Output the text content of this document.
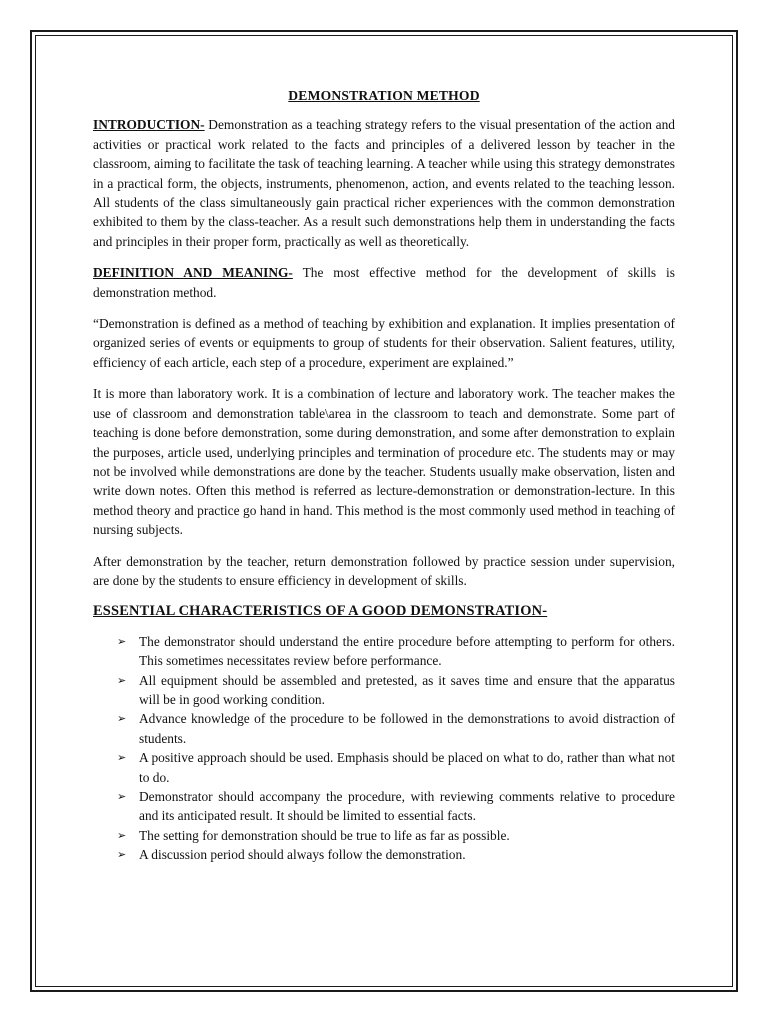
DEMONSTRATION METHOD

INTRODUCTION- Demonstration as a teaching strategy refers to the visual presentation of the action and activities or practical work related to the facts and principles of a delivered lesson by teacher in the classroom, aiming to facilitate the task of teaching learning. A teacher while using this strategy demonstrates in a practical form, the objects, instruments, phenomenon, action, and events related to the teaching lesson. All students of the class simultaneously gain practical richer experiences with the common demonstration exhibited to them by the class-teacher. As a result such demonstrations help them in understanding the facts and principles in their proper form, practically as well as theoretically.

DEFINITION AND MEANING- The most effective method for the development of skills is demonstration method.

“Demonstration is defined as a method of teaching by exhibition and explanation. It implies presentation of organized series of events or equipments to group of students for their observation. Salient features, utility, efficiency of each article, each step of a procedure, experiment are explained.”

It is more than laboratory work. It is a combination of lecture and laboratory work. The teacher makes the use of classroom and demonstration table\area in the classroom to teach and demonstrate. Some part of teaching is done before demonstration, some during demonstration, and some after demonstration to explain the purposes, article used, underlying principles and termination of procedure etc. The students may or may not be involved while demonstrations are done by the teacher. Students usually make observation, listen and write down notes. Often this method is referred as lecture-demonstration or demonstration-lecture. In this method theory and practice go hand in hand. This method is the most commonly used method in teaching of nursing subjects.

After demonstration by the teacher, return demonstration followed by practice session under supervision, are done by the students to ensure efficiency in development of skills.

ESSENTIAL CHARACTERISTICS OF A GOOD DEMONSTRATION-
➢ The demonstrator should understand the entire procedure before attempting to perform for others. This sometimes necessitates review before performance.
➢ All equipment should be assembled and pretested, as it saves time and ensure that the apparatus will be in good working condition.
➢ Advance knowledge of the procedure to be followed in the demonstrations to avoid distraction of students.
➢ A positive approach should be used. Emphasis should be placed on what to do, rather than what not to do.
➢ Demonstrator should accompany the procedure, with reviewing comments relative to procedure and its anticipated result. It should be limited to essential facts.
➢ The setting for demonstration should be true to life as far as possible.
➢ A discussion period should always follow the demonstration.
